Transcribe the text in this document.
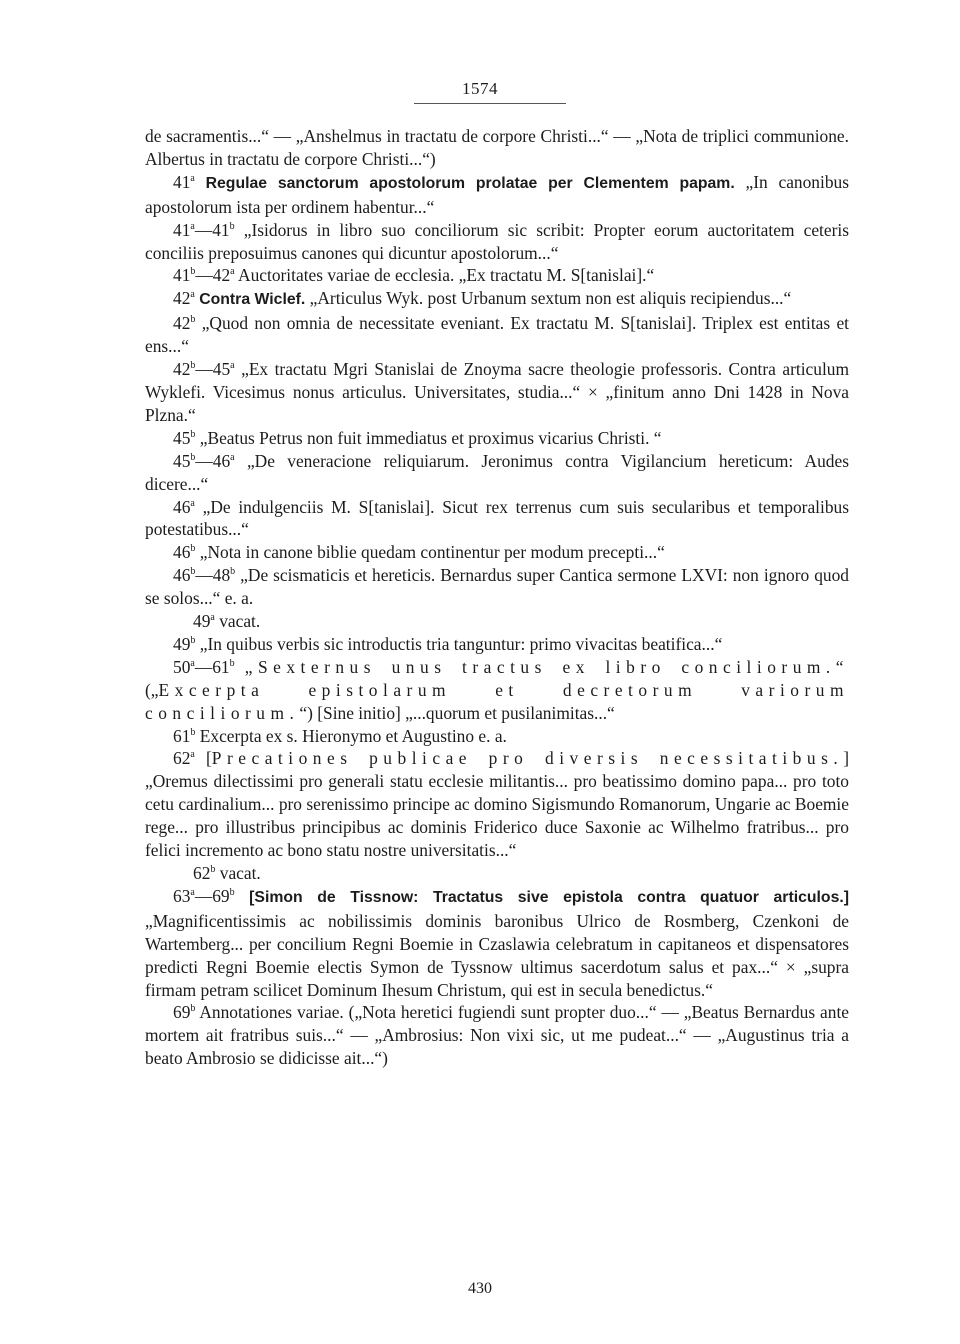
1574

de sacramentis...“ — „Anshelmus in tractatu de corpore Christi...“ — „Nota de triplici communione. Albertus in tractatu de corpore Christi...“)

41$^a$ Regulae sanctorum apostolorum prolatae per Clementem papam. „In canonibus apostolorum ista per ordinem habentur...“

41$^a$—41$^b$ „Isidorus in libro suo conciliorum sic scribit: Propter eorum auctoritatem ceteris conciliis preposuimus canones qui dicuntur apostolorum...“

41$^b$—42$^a$ Auctoritates variae de ecclesia. „Ex tractatu M. S[tanislai].“

42$^a$ Contra Wiclef. „Articulus Wyk. post Urbanum sextum non est aliquis recipiendus...“

42$^b$ „Quod non omnia de necessitate eveniant. Ex tractatu M. S[tanislai]. Triplex est entitas et ens...“

42$^b$—45$^a$ „Ex tractatu Mgri Stanislai de Znoyma sacre theologie professoris. Contra articulum Wyklefi. Vicesimus nonus articulus. Universitates, studia...“ × „finitum anno Dni 1428 in Nova Plzna.“

45$^b$ „Beatus Petrus non fuit immediatus et proximus vicarius Christi. “

45$^b$—46$^a$ „De veneracione reliquiarum. Jeronimus contra Vigilancium hereticum: Audes dicere...“

46$^a$ „De indulgenciis M. S[tanislai]. Sicut rex terrenus cum suis secularibus et temporalibus potestatibus...“

46$^b$ „Nota in canone biblie quedam continentur per modum precepti...“

46$^b$—48$^b$ „De scismaticis et hereticis. Bernardus super Cantica sermone LXVI: non ignoro quod se solos...“ e. a.

49$^a$ vacat.

49$^b$ „In quibus verbis sic introductis tria tanguntur: primo vivacitas beatifica...“

50$^a$—61$^b$ „Sexternus unus tractus ex libro conciliorum.“ („Excerpta epistolarum et decretorum variorum conciliorum.“) [Sine initio] „...quorum et pusilanimitas...“

61$^b$ Excerpta ex s. Hieronymo et Augustino e. a.

62$^a$ [Precationes publicae pro diversis necessitatibus.] „Oremus dilectissimi pro generali statu ecclesie militantis... pro beatissimo domino papa... pro toto cetu cardinalium... pro serenissimo principe ac domino Sigismundo Romanorum, Ungarie ac Boemie rege... pro illustribus principibus ac dominis Friderico duce Saxonie ac Wilhelmo fratribus... pro felici incremento ac bono statu nostre universitatis...“

62$^b$ vacat.

63$^a$—69$^b$ [Simon de Tissnow: Tractatus sive epistola contra quatuor articulos.] „Magnificentissimis ac nobilissimis dominis baronibus Ulrico de Rosmberg, Czenkoni de Wartemberg... per concilium Regni Boemie in Czaslawia celebratum in capitaneos et dispensatores predicti Regni Boemie electis Symon de Tyssnow ultimus sacerdotum salus et pax...“ × „supra firmam petram scilicet Dominum Ihesum Christum, qui est in secula benedictus.“

69$^b$ Annotationes variae. („Nota heretici fugiendi sunt propter duo...“ — „Beatus Bernardus ante mortem ait fratribus suis...“ — „Ambrosius: Non vixi sic, ut me pudeat...“ — „Augustinus tria a beato Ambrosio se didicisse ait...“)

430
